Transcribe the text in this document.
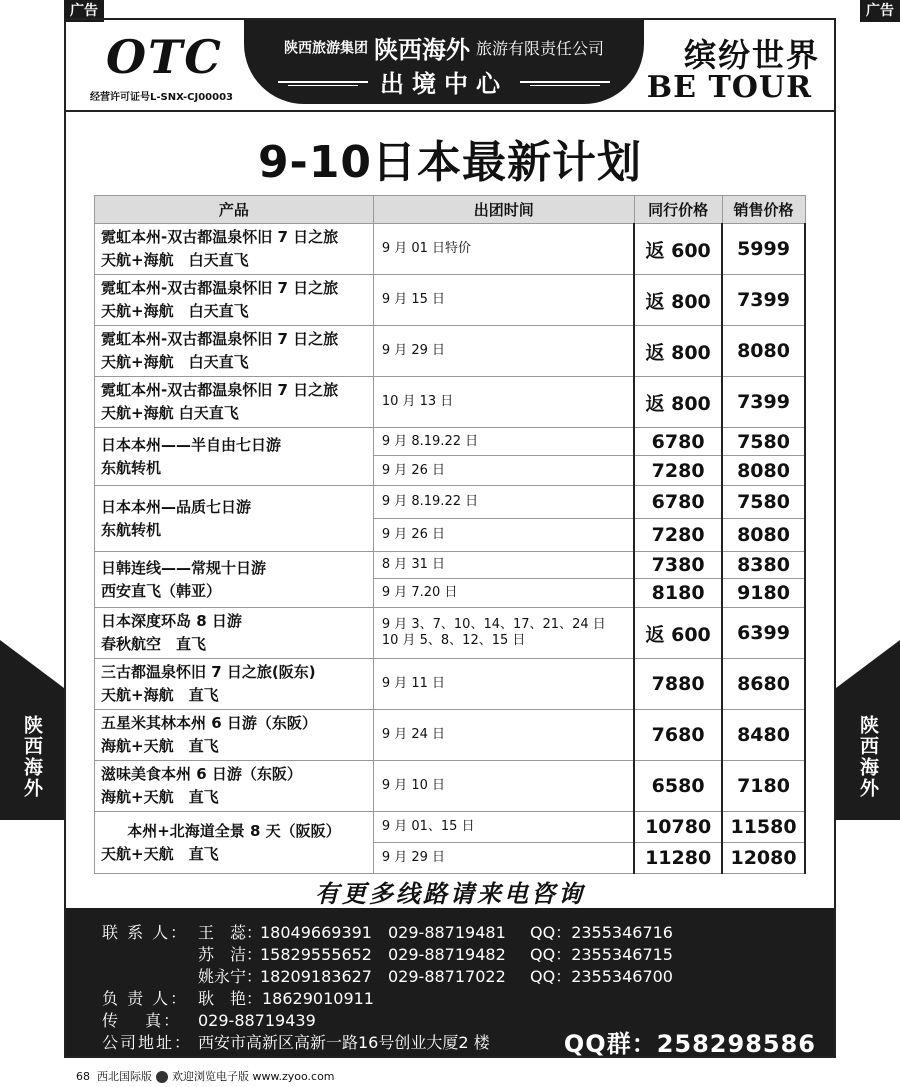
广告	广告
OTC
经营许可证号L-SNX-CJ00003
陕西旅游集团 陕西海外 旅游有限责任公司
出境中心
缤纷世界
BE TOUR
9-10日本最新计划
产品	出团时间	同行价格	销售价格

霓虹本州-双古都温泉怀旧 7 日之旅
天航+海航　白天直飞	9 月 01 日特价	返 600	5999

霓虹本州-双古都温泉怀旧 7 日之旅
天航+海航　白天直飞	9 月 15 日	返 800	7399

霓虹本州-双古都温泉怀旧 7 日之旅
天航+海航　白天直飞	9 月 29 日	返 800	8080

霓虹本州-双古都温泉怀旧 7 日之旅
天航+海航 白天直飞	10 月 13 日	返 800	7399

日本本州——半自由七日游
东航转机	9 月 8.19.22 日	6780	7580
	9 月 26 日	7280	8080

日本本州—品质七日游
东航转机	9 月 8.19.22 日	6780	7580
	9 月 26 日	7280	8080

日韩连线——常规十日游
西安直飞（韩亚）	8 月 31 日	7380	8380
	9 月 7.20 日	8180	9180

日本深度环岛 8 日游
春秋航空　直飞	9 月 3、7、10、14、17、21、24 日
10 月 5、8、12、15 日	返 600	6399

三古都温泉怀旧 7 日之旅(阪东)
天航+海航　直飞	9 月 11 日	7880	8680

五星米其林本州 6 日游（东阪）
海航+天航　直飞	9 月 24 日	7680	8480

滋味美食本州 6 日游（东阪）
海航+天航　直飞	9 月 10 日	6580	7180

本州+北海道全景 8 天（阪阪）
天航+天航　直飞	9 月 01、15 日	10780	11580
	9 月 29 日	11280	12080
有更多线路请来电咨询
联 系 人： 王　蕊：18049669391 029-88719481 QQ：2355346716
苏　洁：15829555652 029-88719482 QQ：2355346715
姚永宁：18209183627 029-88717022 QQ：2355346700
负 责 人： 耿　艳：18629010911
传　 真： 029-88719439
公司地址： 西安市高新区高新一路16号创业大厦2 楼	QQ群：258298586
陕西海外	陕西海外
68 西北国际版 欢迎浏览电子版 www.zyoo.com
